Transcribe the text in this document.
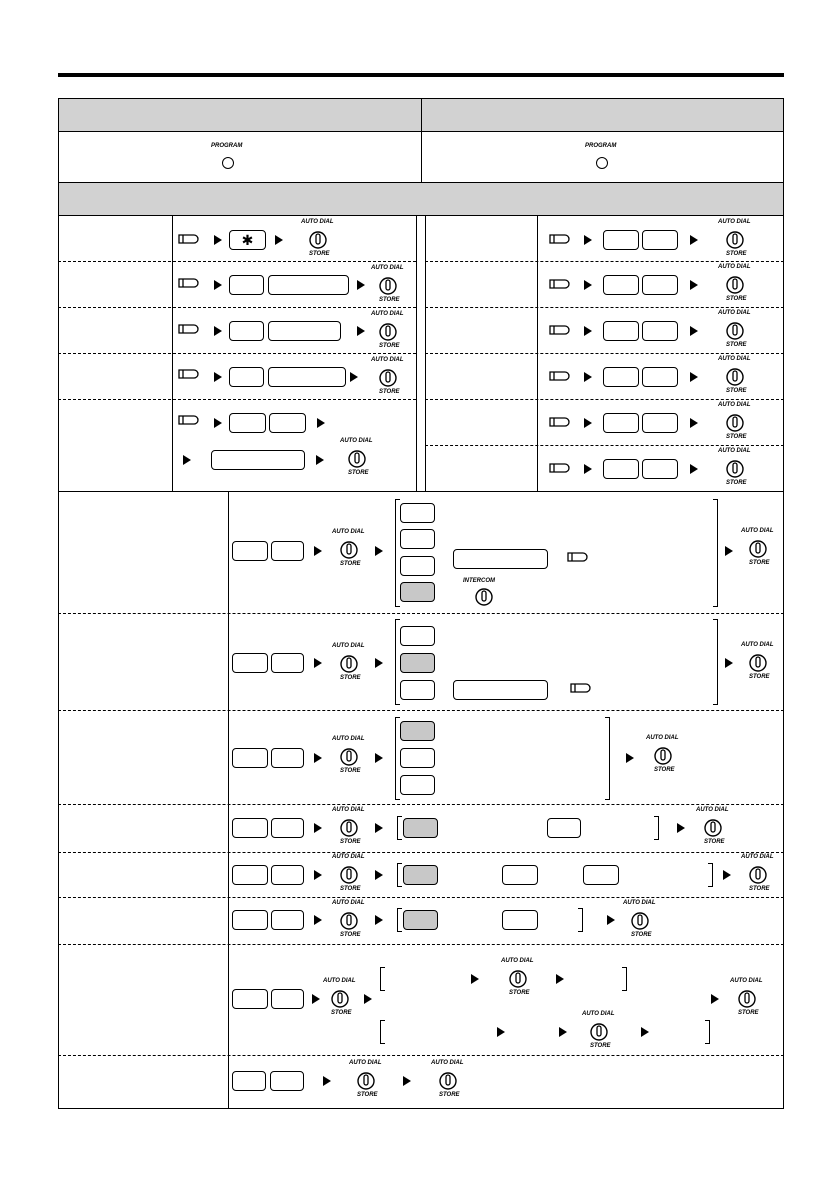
PROGRAM	PROGRAM
✱
AUTO DIAL
STORE
AUTO DIAL
STORE
AUTO DIAL
STORE
AUTO DIAL
STORE
AUTO DIAL
STORE
AUTO DIAL
STORE
AUTO DIAL
STORE
AUTO DIAL
STORE
AUTO DIAL
STORE
AUTO DIAL
STORE
AUTO DIAL
STORE
AUTO DIAL
STORE
INTERCOM
AUTO DIAL
STORE
AUTO DIAL
STORE
AUTO DIAL
STORE
AUTO DIAL
STORE
AUTO DIAL
STORE
AUTO DIAL
STORE
AUTO DIAL
STORE
AUTO DIAL
STORE
AUTO DIAL
STORE
AUTO DIAL
STORE
AUTO DIAL
STORE
AUTO DIAL
STORE
AUTO DIAL
STORE
AUTO DIAL
STORE
AUTO DIAL
STORE
AUTO DIAL
STORE
AUTO DIAL
STORE
